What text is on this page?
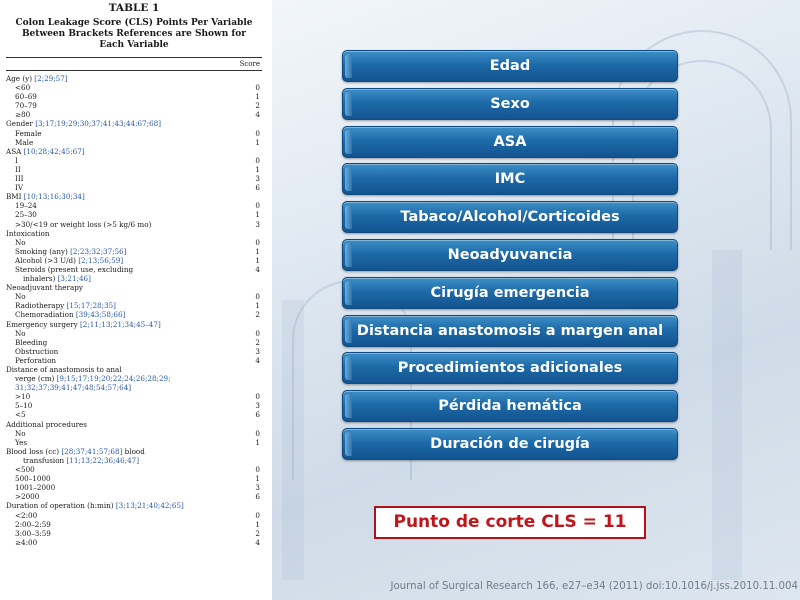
TABLE 1
Colon Leakage Score (CLS) Points Per Variable
Between Brackets References are Shown for
Each Variable
Score
Age (y) [2;29;57]
<60	0
60–69	1
70–79	2
≥80	4
Gender [3;17;19;29;30;37;41;43;44;67;68]
Female	0
Male	1
ASA [10;28;42;45;67]
I	0
II	1
III	3
IV	6
BMI [10;13;16;30;34]
19–24	0
25–30	1
>30/<19 or weight loss (>5 kg/6 mo)	3
Intoxication
No	0
Smoking (any) [2;23;32;37;56]	1
Alcohol (>3 U/d) [2;13;56;59]	1
Steroids (present use, excluding	4
inhalers) [3;21;46]
Neoadjuvant therapy
No	0
Radiotherapy [15;17;28;35]	1
Chemoradiation [39;43;58;66]	2
Emergency surgery [2;11;13;21;34;45–47]
No	0
Bleeding	2
Obstruction	3
Perforation	4
Distance of anastomosis to anal
verge (cm) [9;15;17;19;20;22;24;26;28;29;
31;32;37;39;41;47;48;54;57;64]
>10	0
5–10	3
<5	6
Additional procedures
No	0
Yes	1
Blood loss (cc) [28;37;41;57;68] blood
transfusion [11;13;22;36;46;47]
<500	0
500–1000	1
1001–2000	3
>2000	6
Duration of operation (h:min) [3;13;21;40;42;65]
<2:00	0
2:00–2:59	1
3:00–3:59	2
≥4:00	4
Edad
Sexo
ASA
IMC
Tabaco/Alcohol/Corticoides
Neoadyuvancia
Cirugía emergencia
Distancia anastomosis a margen anal
Procedimientos adicionales
Pérdida hemática
Duración de cirugía
Punto de corte CLS = 11
Journal of Surgical Research 166, e27–e34 (2011) doi:10.1016/j.jss.2010.11.004
